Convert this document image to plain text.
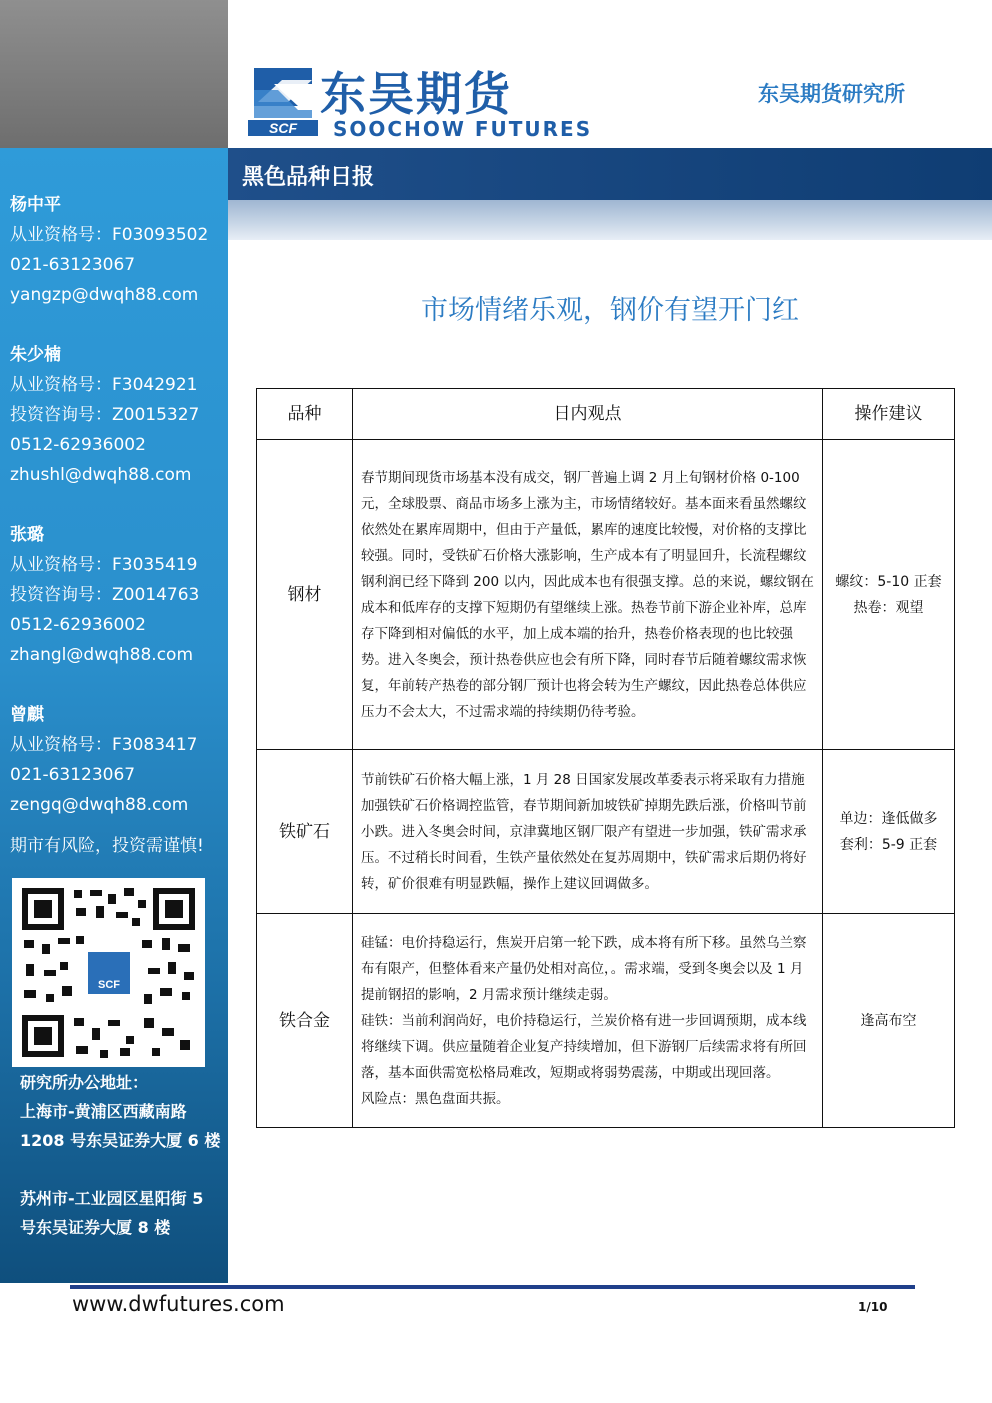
杨中平
从业资格号：F03093502
021-63123067
yangzp@dwqh88.com
朱少楠
从业资格号：F3042921
投资咨询号：Z0015327
0512-62936002
zhushl@dwqh88.com
张璐
从业资格号：F3035419
投资咨询号：Z0014763
0512-62936002
zhangl@dwqh88.com
曾麒
从业资格号：F3083417
021-63123067
zengq@dwqh88.com
期市有风险，投资需谨慎!
SCF
研究所办公地址：
上海市-黄浦区西藏南路
1208 号东吴证券大厦 6 楼
苏州市-工业园区星阳街 5
号东吴证券大厦 8 楼
SCF
东吴期货
SOOCHOW FUTURES
东吴期货研究所
黑色品种日报
市场情绪乐观，钢价有望开门红
品种	日内观点	操作建议
钢材	春节期间现货市场基本没有成交，钢厂普遍上调 2 月上旬钢材价格 0-100 元，全球股票、商品市场多上涨为主，市场情绪较好。基本面来看虽然螺纹依然处在累库周期中，但由于产量低，累库的速度比较慢，对价格的支撑比较强。同时，受铁矿石价格大涨影响，生产成本有了明显回升，长流程螺纹钢利润已经下降到 200 以内，因此成本也有很强支撑。总的来说，螺纹钢在成本和低库存的支撑下短期仍有望继续上涨。热卷节前下游企业补库，总库存下降到相对偏低的水平，加上成本端的抬升，热卷价格表现的也比较强势。进入冬奥会，预计热卷供应也会有所下降，同时春节后随着螺纹需求恢复，年前转产热卷的部分钢厂预计也将会转为生产螺纹，因此热卷总体供应压力不会太大，不过需求端的持续期仍待考验。	螺纹：5-10 正套
热卷：观望

铁矿石	节前铁矿石价格大幅上涨，1 月 28 日国家发展改革委表示将采取有力措施加强铁矿石价格调控监管，春节期间新加坡铁矿掉期先跌后涨，价格叫节前小跌。进入冬奥会时间，京津冀地区钢厂限产有望进一步加强，铁矿需求承压。不过稍长时间看，生铁产量依然处在复苏周期中，铁矿需求后期仍将好转，矿价很难有明显跌幅，操作上建议回调做多。	单边：逢低做多
套利：5-9 正套

铁合金	硅锰：电价持稳运行，焦炭开启第一轮下跌，成本将有所下移。虽然乌兰察布有限产，但整体看来产量仍处相对高位，。需求端，受到冬奥会以及 1 月提前钢招的影响，2 月需求预计继续走弱。
硅铁：当前利润尚好，电价持稳运行，兰炭价格有进一步回调预期，成本线将继续下调。供应量随着企业复产持续增加，但下游钢厂后续需求将有所回落，基本面供需宽松格局难改，短期或将弱势震荡，中期或出现回落。
风险点：黑色盘面共振。	逢高布空
www.dwfutures.com	1/10
